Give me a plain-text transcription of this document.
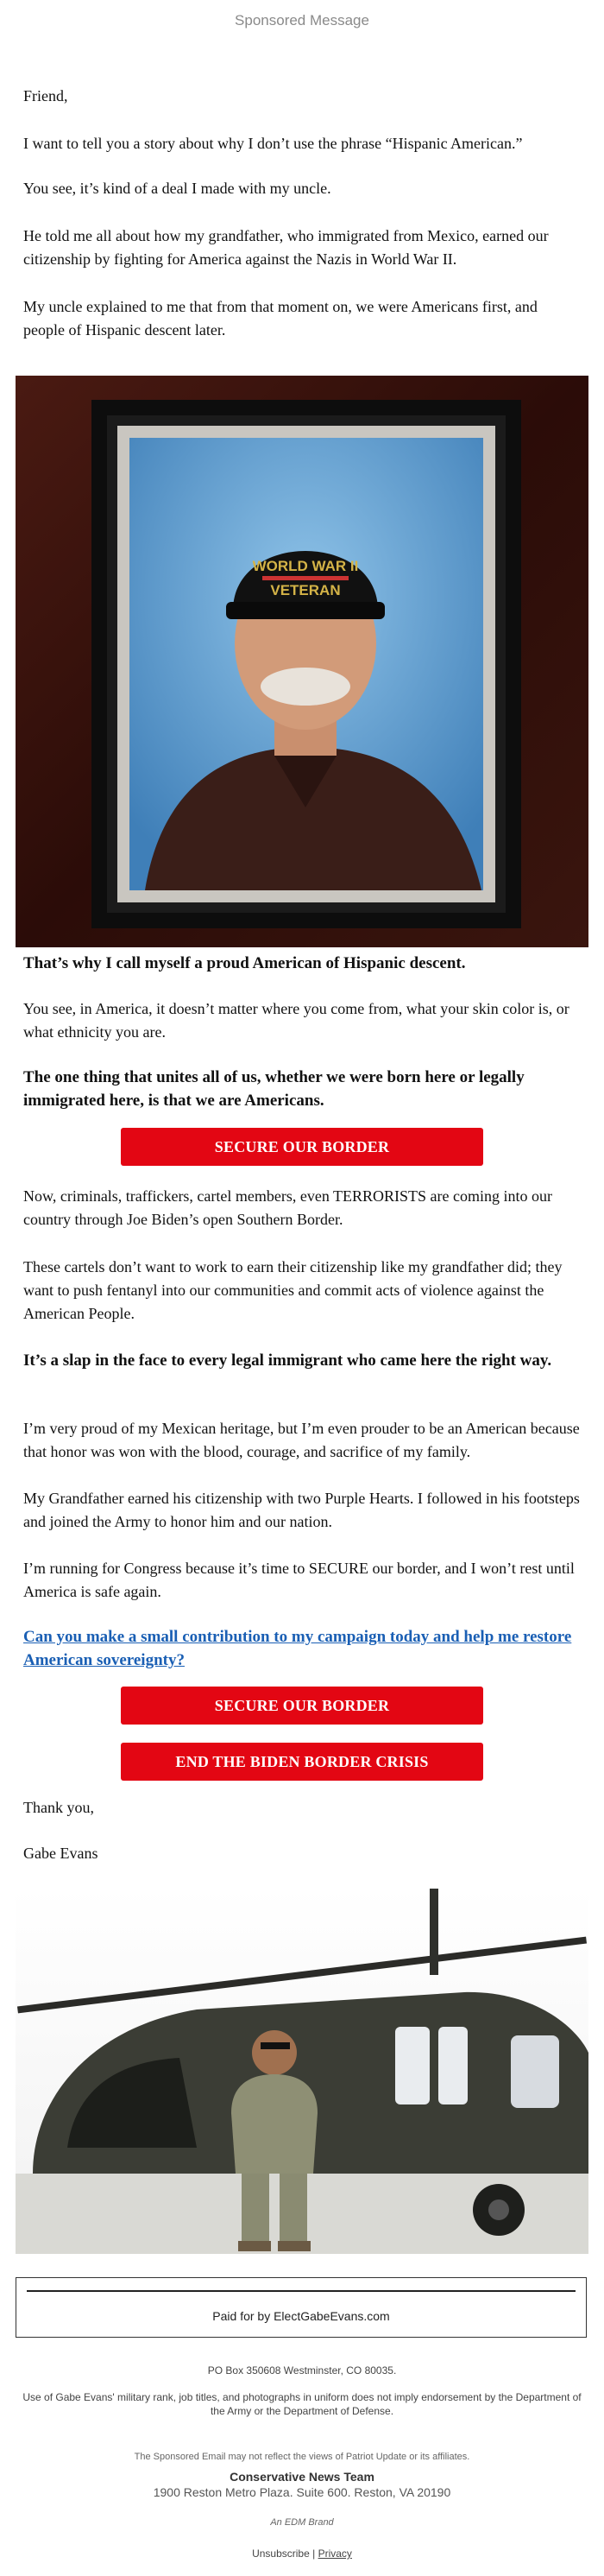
Sponsored Message

Friend,

I want to tell you a story about why I don’t use the phrase “Hispanic American.”

You see, it’s kind of a deal I made with my uncle.

He told me all about how my grandfather, who immigrated from Mexico, earned our citizenship by fighting for America against the Nazis in World War II.

My uncle explained to me that from that moment on, we were Americans first, and people of Hispanic descent later.

WORLD WAR II
VETERAN

That’s why I call myself a proud American of Hispanic descent.

You see, in America, it doesn’t matter where you come from, what your skin color is, or what ethnicity you are.

The one thing that unites all of us, whether we were born here or legally immigrated here, is that we are Americans.

SECURE OUR BORDER

Now, criminals, traffickers, cartel members, even TERRORISTS are coming into our country through Joe Biden’s open Southern Border.

These cartels don’t want to work to earn their citizenship like my grandfather did; they want to push fentanyl into our communities and commit acts of violence against the American People.

It’s a slap in the face to every legal immigrant who came here the right way.

I’m very proud of my Mexican heritage, but I’m even prouder to be an American because that honor was won with the blood, courage, and sacrifice of my family.

My Grandfather earned his citizenship with two Purple Hearts. I followed in his footsteps and joined the Army to honor him and our nation.

I’m running for Congress because it’s time to SECURE our border, and I won’t rest until America is safe again.

Can you make a small contribution to my campaign today and help me restore American sovereignty?

SECURE OUR BORDER
END THE BIDEN BORDER CRISIS

Thank you,

Gabe Evans

Paid for by ElectGabeEvans.com
PO Box 350608 Westminster, CO 80035.
Use of Gabe Evans' military rank, job titles, and photographs in uniform does not imply endorsement by the Department of the Army or the Department of Defense.
The Sponsored Email may not reflect the views of Patriot Update or its affiliates.
Conservative News Team
1900 Reston Metro Plaza. Suite 600. Reston, VA 20190
An EDM Brand
Unsubscribe | Privacy
